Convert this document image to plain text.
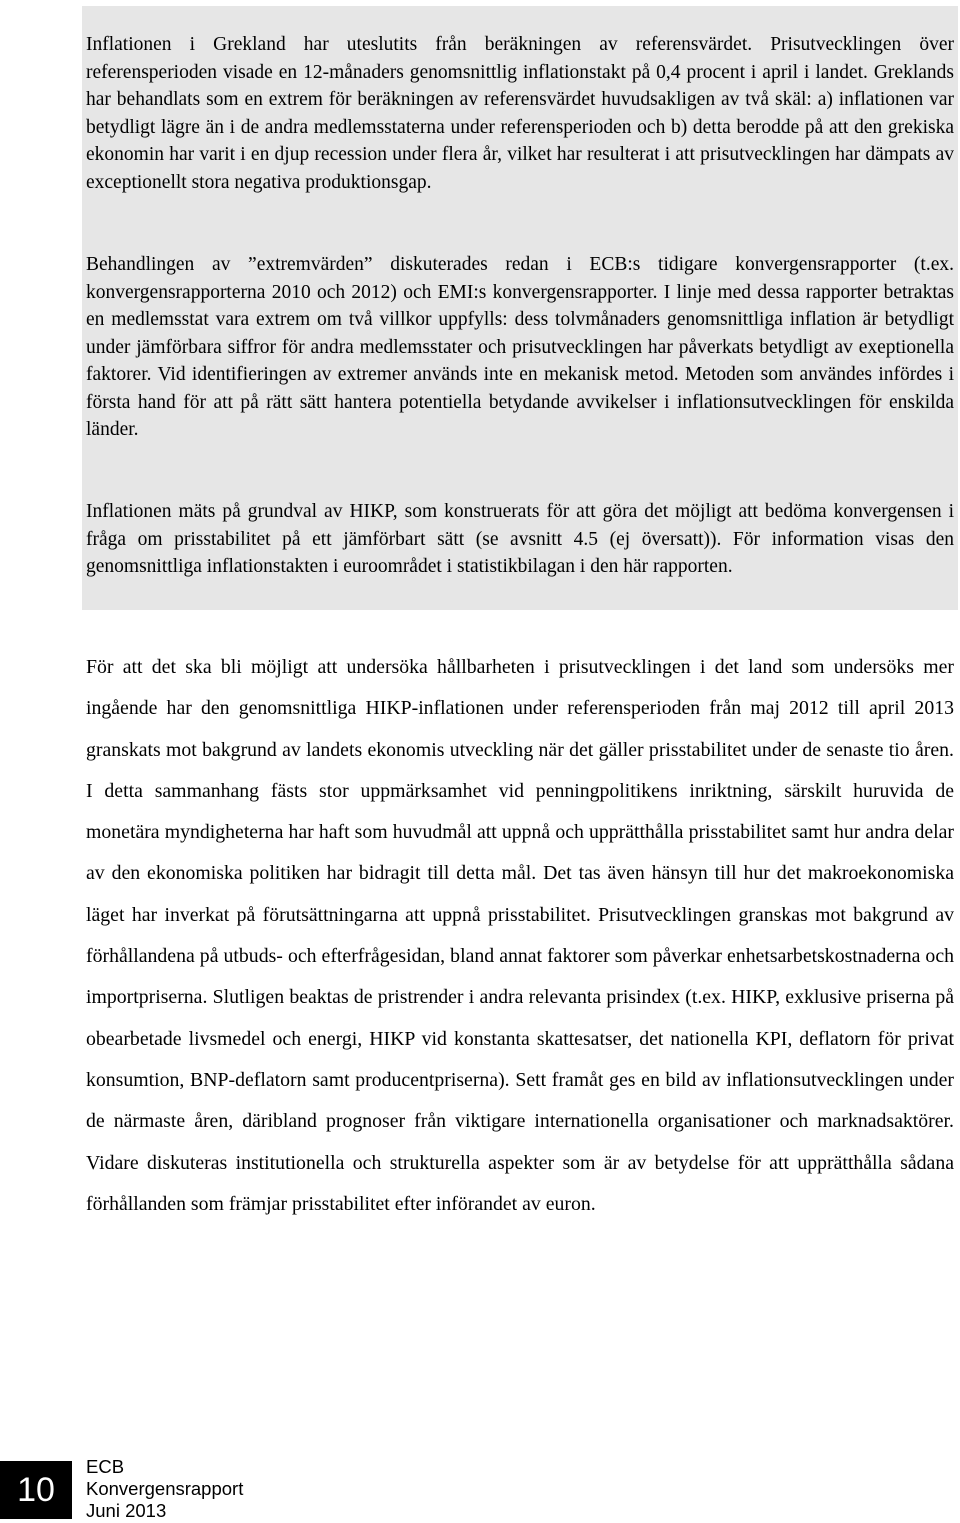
Inflationen i Grekland har uteslutits från beräkningen av referensvärdet. Prisutvecklingen över referensperioden visade en 12-månaders genomsnittlig inflationstakt på 0,4 procent i april i landet. Greklands har behandlats som en extrem för beräkningen av referensvärdet huvudsakligen av två skäl: a) inflationen var betydligt lägre än i de andra medlemsstaterna under referensperioden och b) detta berodde på att den grekiska ekonomin har varit i en djup recession under flera år, vilket har resulterat i att prisutvecklingen har dämpats av exceptionellt stora negativa produktionsgap.

Behandlingen av ”extremvärden” diskuterades redan i ECB:s tidigare konvergensrapporter (t.ex. konvergensrapporterna 2010 och 2012) och EMI:s konvergensrapporter. I linje med dessa rapporter betraktas en medlemsstat vara extrem om två villkor uppfylls: dess tolvmånaders genomsnittliga inflation är betydligt under jämförbara siffror för andra medlemsstater och prisutvecklingen har påverkats betydligt av exeptionella faktorer. Vid identifieringen av extremer används inte en mekanisk metod. Metoden som användes infördes i första hand för att på rätt sätt hantera potentiella betydande avvikelser i inflationsutvecklingen för enskilda länder.

Inflationen mäts på grundval av HIKP, som konstruerats för att göra det möjligt att bedöma konvergensen i fråga om prisstabilitet på ett jämförbart sätt (se avsnitt 4.5 (ej översatt)). För information visas den genomsnittliga inflationstakten i euroområdet i statistikbilagan i den här rapporten.

För att det ska bli möjligt att undersöka hållbarheten i prisutvecklingen i det land som undersöks mer ingående har den genomsnittliga HIKP-inflationen under referensperioden från maj 2012 till april 2013 granskats mot bakgrund av landets ekonomis utveckling när det gäller prisstabilitet under de senaste tio åren. I detta sammanhang fästs stor uppmärksamhet vid penningpolitikens inriktning, särskilt huruvida de monetära myndigheterna har haft som huvudmål att uppnå och upprätthålla prisstabilitet samt hur andra delar av den ekonomiska politiken har bidragit till detta mål. Det tas även hänsyn till hur det makroekonomiska läget har inverkat på förutsättningarna att uppnå prisstabilitet. Prisutvecklingen granskas mot bakgrund av förhållandena på utbuds- och efterfrågesidan, bland annat faktorer som påverkar enhetsarbetskostnaderna och importpriserna. Slutligen beaktas de pristrender i andra relevanta prisindex (t.ex. HIKP, exklusive priserna på obearbetade livsmedel och energi, HIKP vid konstanta skattesatser, det nationella KPI, deflatorn för privat konsumtion, BNP-deflatorn samt producentpriserna). Sett framåt ges en bild av inflationsutvecklingen under de närmaste åren, däribland prognoser från viktigare internationella organisationer och marknadsaktörer. Vidare diskuteras institutionella och strukturella aspekter som är av betydelse för att upprätthålla sådana förhållanden som främjar prisstabilitet efter införandet av euron.

10
ECB
Konvergensrapport
Juni 2013
